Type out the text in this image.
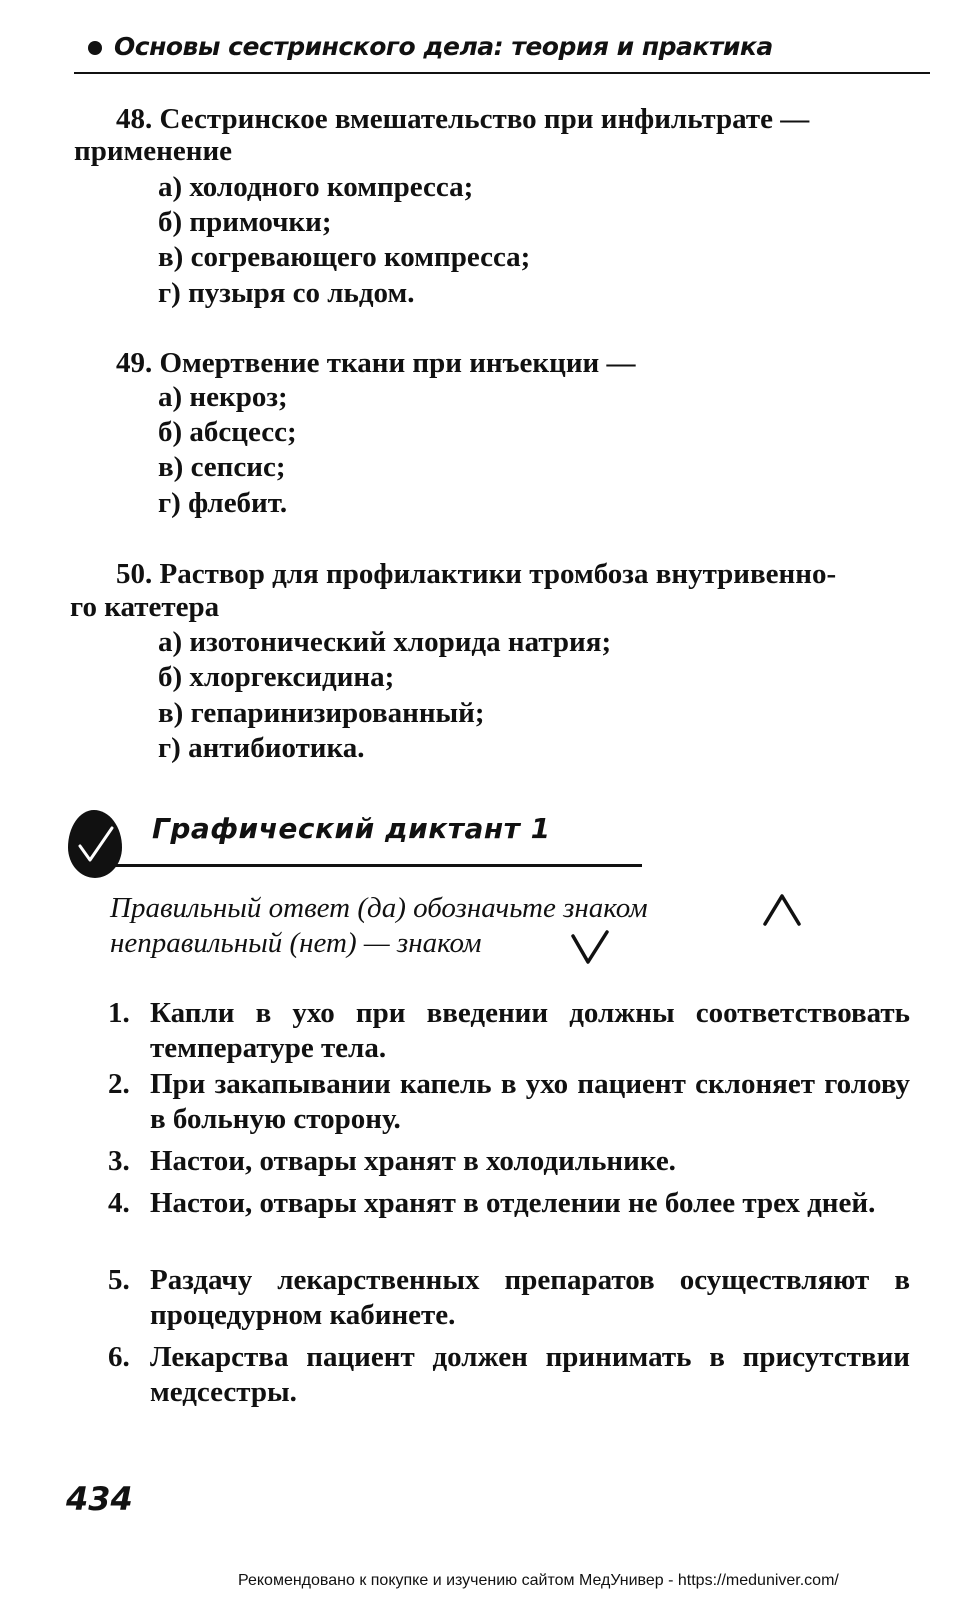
Основы сестринского дела: теория и практика
48. Сестринское вмешательство при инфильтрате —
применение
а) холодного компресса;
б) примочки;
в) согревающего компресса;
г) пузыря со льдом.
49. Омертвение ткани при инъекции —
а) некроз;
б) абсцесс;
в) сепсис;
г) флебит.
50. Раствор для профилактики тромбоза внутривенно-
го катетера
а) изотонический хлорида натрия;
б) хлоргексидина;
в) гепаринизированный;
г) антибиотика.
Графический диктант 1
Правильный ответ (да) обозначьте знаком
неправильный (нет) — знаком
1. Капли в ухо при введении должны соответствовать температуре тела.
2. При закапывании капель в ухо пациент склоняет голову в больную сторону.
3. Настои, отвары хранят в холодильнике.
4. Настои, отвары хранят в отделении не более трех дней.
5. Раздачу лекарственных препаратов осуществляют в процедурном кабинете.
6. Лекарства пациент должен принимать в присутствии медсестры.
434
Рекомендовано к покупке и изучению сайтом МедУнивер - https://meduniver.com/
